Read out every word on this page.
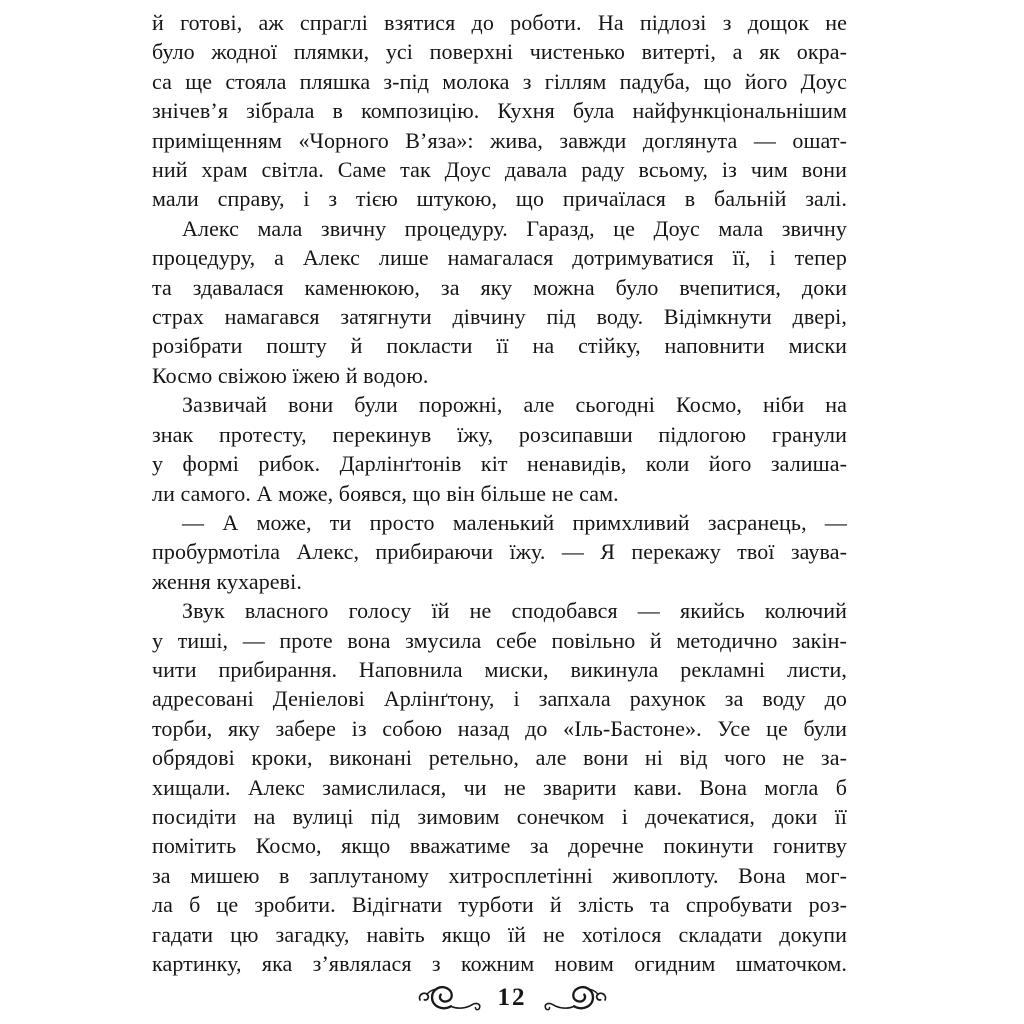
й готові, аж спраглі взятися до роботи. На підлозі з дощок не
було жодної плямки, усі поверхні чистенько витерті, а як окра-
са ще стояла пляшка з-під молока з гіллям падуба, що його Доус
знічев’я зібрала в композицію. Кухня була найфункціональнішим
приміщенням «Чорного В’яза»: жива, завжди доглянута — ошат-
ний храм світла. Саме так Доус давала раду всьому, із чим вони
мали справу, і з тією штукою, що причаїлася в бальній залі.
Алекс мала звичну процедуру. Гаразд, це Доус мала звичну
процедуру, а Алекс лише намагалася дотримуватися її, і тепер
та здавалася каменюкою, за яку можна було вчепитися, доки
страх намагався затягнути дівчину під воду. Відімкнути двері,
розібрати пошту й покласти її на стійку, наповнити миски
Космо свіжою їжею й водою.
Зазвичай вони були порожні, але сьогодні Космо, ніби на
знак протесту, перекинув їжу, розсипавши підлогою гранули
у формі рибок. Дарлінґтонів кіт ненавидів, коли його залиша-
ли самого. А може, боявся, що він більше не сам.
— А може, ти просто маленький примхливий засранець, —
пробурмотіла Алекс, прибираючи їжу. — Я перекажу твої заува-
ження кухареві.
Звук власного голосу їй не сподобався — якийсь колючий
у тиші, — проте вона змусила себе повільно й методично закін-
чити прибирання. Наповнила миски, викинула рекламні листи,
адресовані Деніелові Арлінґтону, і запхала рахунок за воду до
торби, яку забере із собою назад до «Іль-Бастоне». Усе це були
обрядові кроки, виконані ретельно, але вони ні від чого не за-
хищали. Алекс замислилася, чи не зварити кави. Вона могла б
посидіти на вулиці під зимовим сонечком і дочекатися, доки її
помітить Космо, якщо вважатиме за доречне покинути гонитву
за мишею в заплутаному хитросплетінні живоплоту. Вона мог-
ла б це зробити. Відігнати турботи й злість та спробувати роз-
гадати цю загадку, навіть якщо їй не хотілося складати докупи
картинку, яка з’являлася з кожним новим огидним шматочком.
12
